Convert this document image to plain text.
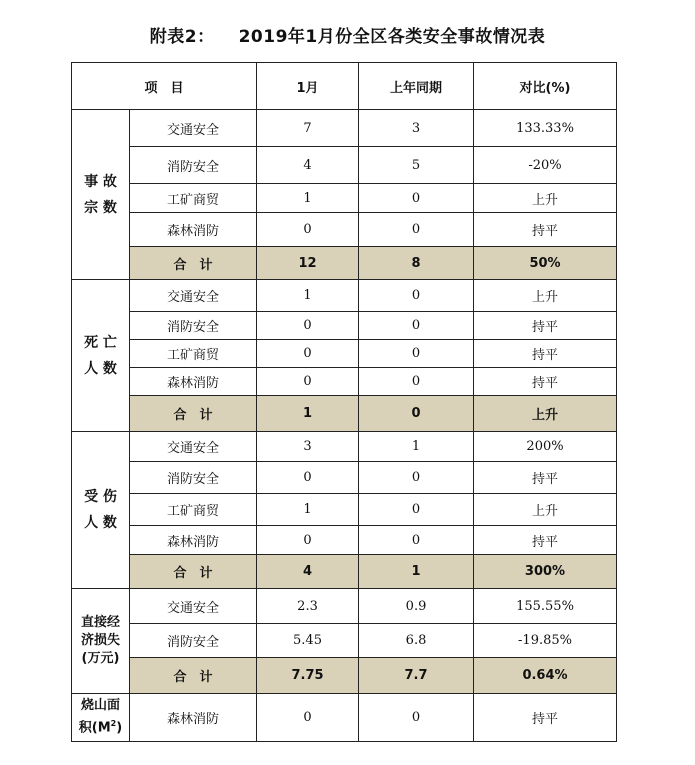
附表2： 2019年1月份全区各类安全事故情况表
项　目		1月	上年同期	对比(%)

事 故
宗 数	交通安全	7	3	133.33%
	消防安全	4	5	-20%
	工矿商贸	1	0	上升
	森林消防	0	0	持平
	合　计	12	8	50%

死 亡
人 数	交通安全	1	0	上升
	消防安全	0	0	持平
	工矿商贸	0	0	持平
	森林消防	0	0	持平
	合　计	1	0	上升

受 伤
人 数	交通安全	3	1	200%
	消防安全	0	0	持平
	工矿商贸	1	0	上升
	森林消防	0	0	持平
	合　计	4	1	300%

直接经
济损失
(万元)	交通安全	2.3	0.9	155.55%
	消防安全	5.45	6.8	-19.85%
	合　计	7.75	7.7	0.64%

烧山面
积$(M^2)$	森林消防	0	0	持平
